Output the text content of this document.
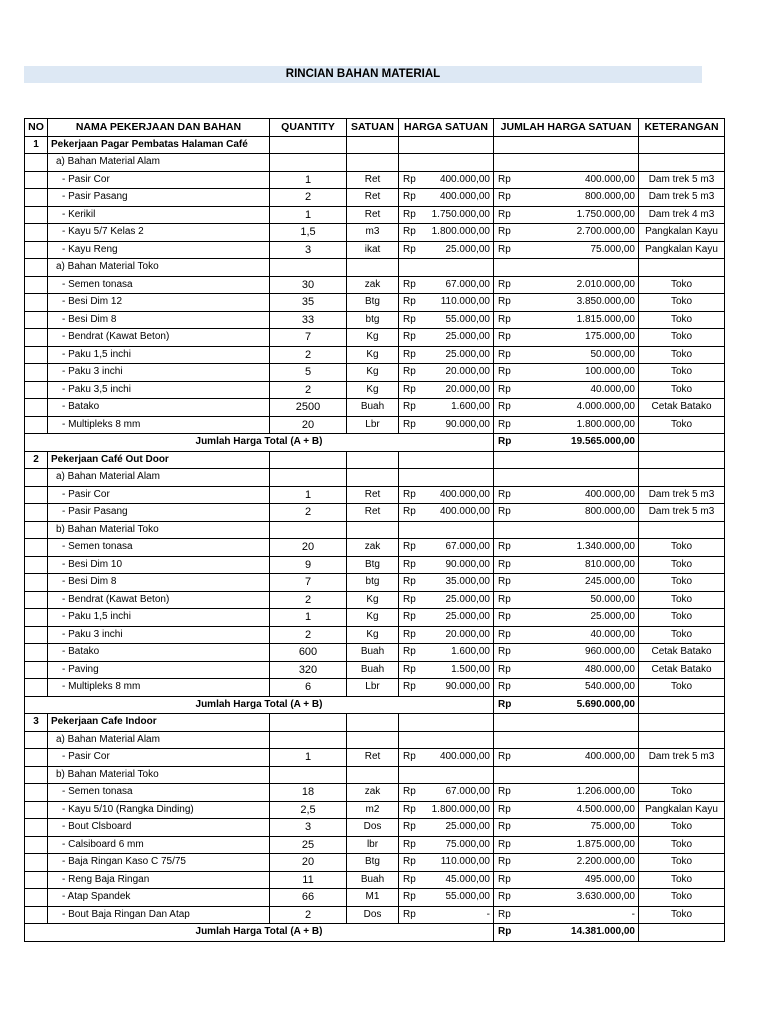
RINCIAN BAHAN MATERIAL
NO	NAMA PEKERJAAN DAN BAHAN	QUANTITY	SATUAN	HARGA SATUAN	JUMLAH HARGA SATUAN	KETERANGAN
1	Pekerjaan Pagar Pembatas Halaman Café					
	a) Bahan Material Alam					
	- Pasir Cor	1	Ret	Rp 400.000,00	Rp 400.000,00	Dam trek 5 m3
	- Pasir Pasang	2	Ret	Rp 400.000,00	Rp 800.000,00	Dam trek 5 m3
	- Kerikil	1	Ret	Rp 1.750.000,00	Rp 1.750.000,00	Dam trek 4 m3
	- Kayu 5/7 Kelas 2	1,5	m3	Rp 1.800.000,00	Rp 2.700.000,00	Pangkalan Kayu
	- Kayu Reng	3	ikat	Rp 25.000,00	Rp 75.000,00	Pangkalan Kayu
	a) Bahan Material Toko					
	- Semen tonasa	30	zak	Rp 67.000,00	Rp 2.010.000,00	Toko
	- Besi Dim 12	35	Btg	Rp 110.000,00	Rp 3.850.000,00	Toko
	- Besi Dim 8	33	btg	Rp 55.000,00	Rp 1.815.000,00	Toko
	- Bendrat (Kawat Beton)	7	Kg	Rp 25.000,00	Rp 175.000,00	Toko
	- Paku 1,5 inchi	2	Kg	Rp 25.000,00	Rp 50.000,00	Toko
	- Paku 3 inchi	5	Kg	Rp 20.000,00	Rp 100.000,00	Toko
	- Paku 3,5 inchi	2	Kg	Rp 20.000,00	Rp 40.000,00	Toko
	- Batako	2500	Buah	Rp 1.600,00	Rp 4.000.000,00	Cetak Batako
	- Multipleks 8 mm	20	Lbr	Rp 90.000,00	Rp 1.800.000,00	Toko
Jumlah Harga Total (A + B)					Rp 19.565.000,00	

2	Pekerjaan Café Out Door					
	a) Bahan Material Alam					
	- Pasir Cor	1	Ret	Rp 400.000,00	Rp 400.000,00	Dam trek 5 m3
	- Pasir Pasang	2	Ret	Rp 400.000,00	Rp 800.000,00	Dam trek 5 m3
	b) Bahan Material Toko					
	- Semen tonasa	20	zak	Rp 67.000,00	Rp 1.340.000,00	Toko
	- Besi Dim 10	9	Btg	Rp 90.000,00	Rp 810.000,00	Toko
	- Besi Dim 8	7	btg	Rp 35.000,00	Rp 245.000,00	Toko
	- Bendrat (Kawat Beton)	2	Kg	Rp 25.000,00	Rp 50.000,00	Toko
	- Paku 1,5 inchi	1	Kg	Rp 25.000,00	Rp 25.000,00	Toko
	- Paku 3 inchi	2	Kg	Rp 20.000,00	Rp 40.000,00	Toko
	- Batako	600	Buah	Rp 1.600,00	Rp 960.000,00	Cetak Batako
	- Paving	320	Buah	Rp 1.500,00	Rp 480.000,00	Cetak Batako
	- Multipleks 8 mm	6	Lbr	Rp 90.000,00	Rp 540.000,00	Toko
Jumlah Harga Total (A + B)					Rp 5.690.000,00	

3	Pekerjaan Cafe Indoor					
	a) Bahan Material Alam					
	- Pasir Cor	1	Ret	Rp 400.000,00	Rp 400.000,00	Dam trek 5 m3
	b) Bahan Material Toko					
	- Semen tonasa	18	zak	Rp 67.000,00	Rp 1.206.000,00	Toko
	- Kayu 5/10 (Rangka Dinding)	2,5	m2	Rp 1.800.000,00	Rp 4.500.000,00	Pangkalan Kayu
	- Bout Clsboard	3	Dos	Rp 25.000,00	Rp 75.000,00	Toko
	- Calsiboard 6 mm	25	lbr	Rp 75.000,00	Rp 1.875.000,00	Toko
	- Baja Ringan Kaso C 75/75	20	Btg	Rp 110.000,00	Rp 2.200.000,00	Toko
	- Reng Baja Ringan	11	Buah	Rp 45.000,00	Rp 495.000,00	Toko
	- Atap Spandek	66	M1	Rp 55.000,00	Rp 3.630.000,00	Toko
	- Bout Baja Ringan Dan Atap	2	Dos	Rp -	Rp -	Toko
Jumlah Harga Total (A + B)					Rp 14.381.000,00	
